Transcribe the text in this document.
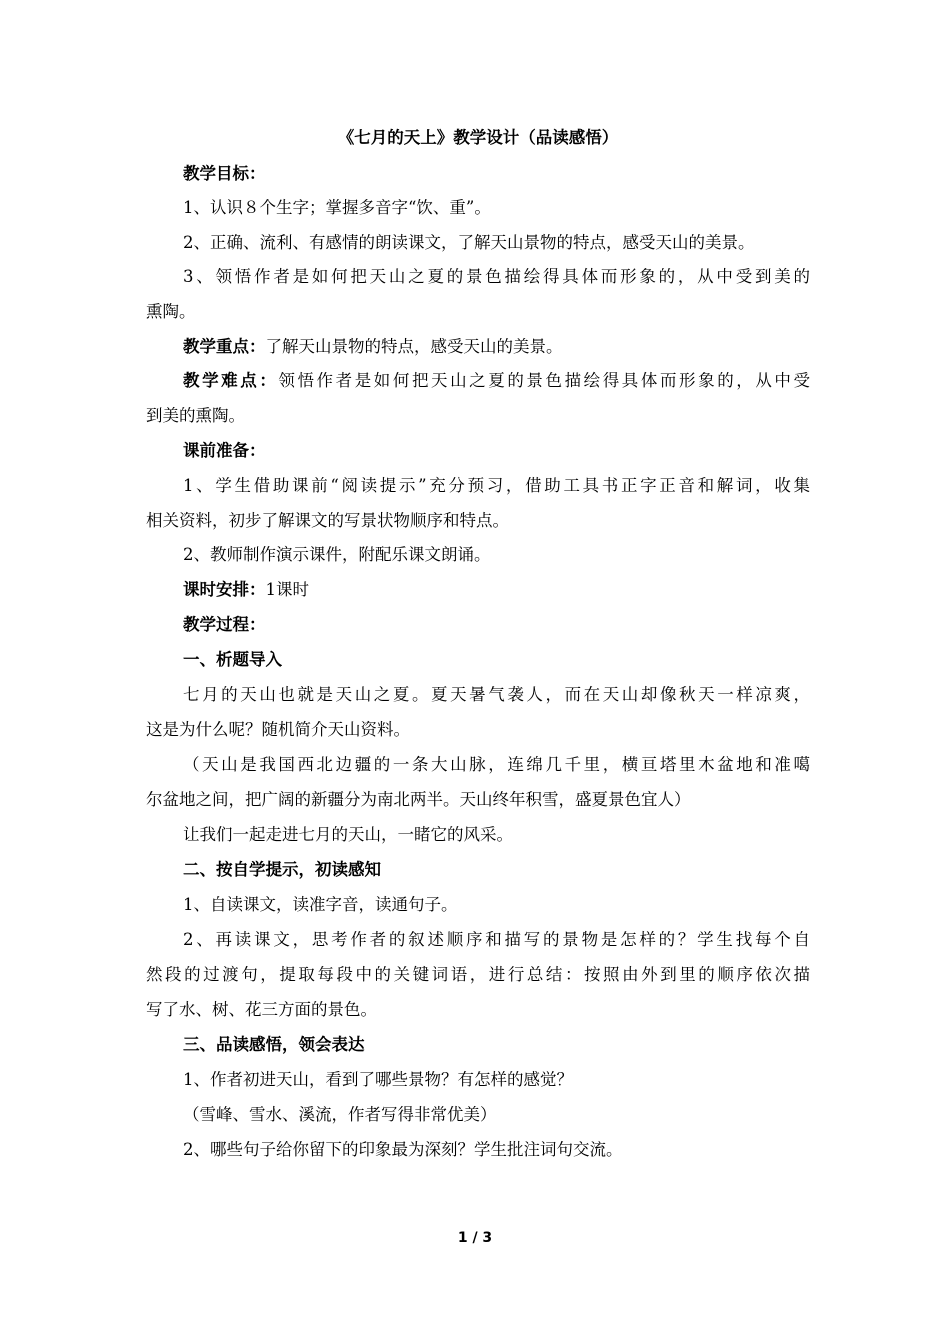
《七月的天上》教学设计（品读感悟）
教学目标：
1、认识８个生字；掌握多音字“饮、重”。
2、正确、流利、有感情的朗读课文，了解天山景物的特点，感受天山的美景。
3、领悟作者是如何把天山之夏的景色描绘得具体而形象的，从中受到美的
熏陶。
教学重点：了解天山景物的特点，感受天山的美景。
教学难点：领悟作者是如何把天山之夏的景色描绘得具体而形象的，从中受
到美的熏陶。
课前准备：
1、学生借助课前“阅读提示”充分预习，借助工具书正字正音和解词，收集
相关资料，初步了解课文的写景状物顺序和特点。
2、教师制作演示课件，附配乐课文朗诵。
课时安排：1课时
教学过程：
一、析题导入
七月的天山也就是天山之夏。夏天暑气袭人，而在天山却像秋天一样凉爽，
这是为什么呢？随机简介天山资料。
（天山是我国西北边疆的一条大山脉，连绵几千里，横亘塔里木盆地和准噶
尔盆地之间，把广阔的新疆分为南北两半。天山终年积雪，盛夏景色宜人）
让我们一起走进七月的天山，一睹它的风采。
二、按自学提示，初读感知
1、自读课文，读准字音，读通句子。
2、再读课文，思考作者的叙述顺序和描写的景物是怎样的？学生找每个自
然段的过渡句，提取每段中的关键词语，进行总结：按照由外到里的顺序依次描
写了水、树、花三方面的景色。
三、品读感悟，领会表达
1、作者初进天山，看到了哪些景物？有怎样的感觉？
（雪峰、雪水、溪流，作者写得非常优美）
2、哪些句子给你留下的印象最为深刻？学生批注词句交流。
1 / 3
